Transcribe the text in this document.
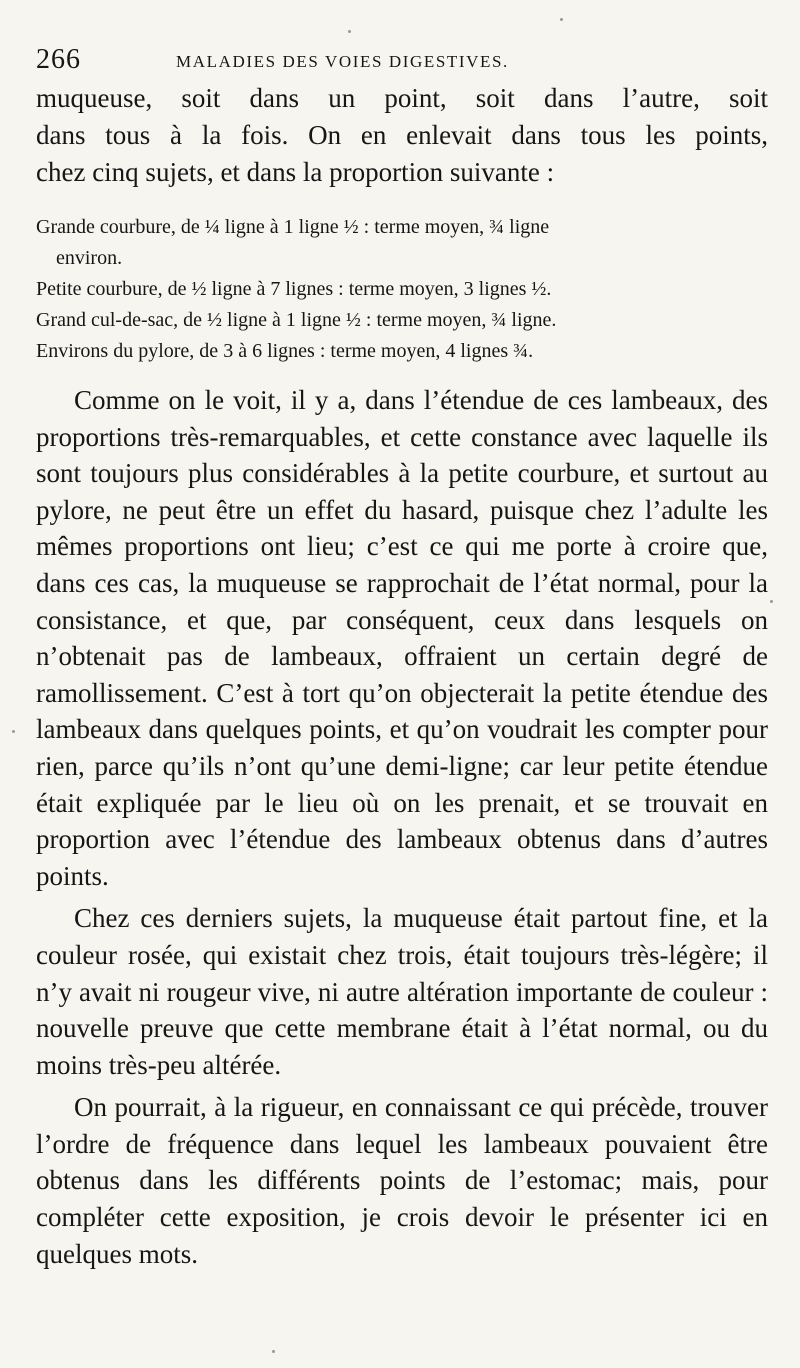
266	MALADIES DES VOIES DIGESTIVES.

muqueuse, soit dans un point, soit dans l’autre, soit

dans tous à la fois. On en enlevait dans tous les points,

chez cinq sujets, et dans la proportion suivante :

Grande courbure, de ¼ ligne à 1 ligne ½ : terme moyen, ¾ ligne
environ.
Petite courbure, de ½ ligne à 7 lignes : terme moyen, 3 lignes ½.
Grand cul-de-sac, de ½ ligne à 1 ligne ½ : terme moyen, ¾ ligne.
Environs du pylore, de 3 à 6 lignes : terme moyen, 4 lignes ¾.

Comme on le voit, il y a, dans l’étendue de ces lambeaux, des proportions très-remarquables, et cette constance avec laquelle ils sont toujours plus considérables à la petite courbure, et surtout au pylore, ne peut être un effet du hasard, puisque chez l’adulte les mêmes proportions ont lieu; c’est ce qui me porte à croire que, dans ces cas, la muqueuse se rapprochait de l’état normal, pour la consistance, et que, par conséquent, ceux dans lesquels on n’obtenait pas de lambeaux, offraient un certain degré de ramollissement. C’est à tort qu’on objecterait la petite étendue des lambeaux dans quelques points, et qu’on voudrait les compter pour rien, parce qu’ils n’ont qu’une demi-ligne; car leur petite étendue était expliquée par le lieu où on les prenait, et se trouvait en proportion avec l’étendue des lambeaux obtenus dans d’autres points.

Chez ces derniers sujets, la muqueuse était partout fine, et la couleur rosée, qui existait chez trois, était toujours très-légère; il n’y avait ni rougeur vive, ni autre altération importante de couleur : nouvelle preuve que cette membrane était à l’état normal, ou du moins très-peu altérée.

On pourrait, à la rigueur, en connaissant ce qui précède, trouver l’ordre de fréquence dans lequel les lambeaux pouvaient être obtenus dans les différents points de l’estomac; mais, pour compléter cette exposition, je crois devoir le présenter ici en quelques mots.
